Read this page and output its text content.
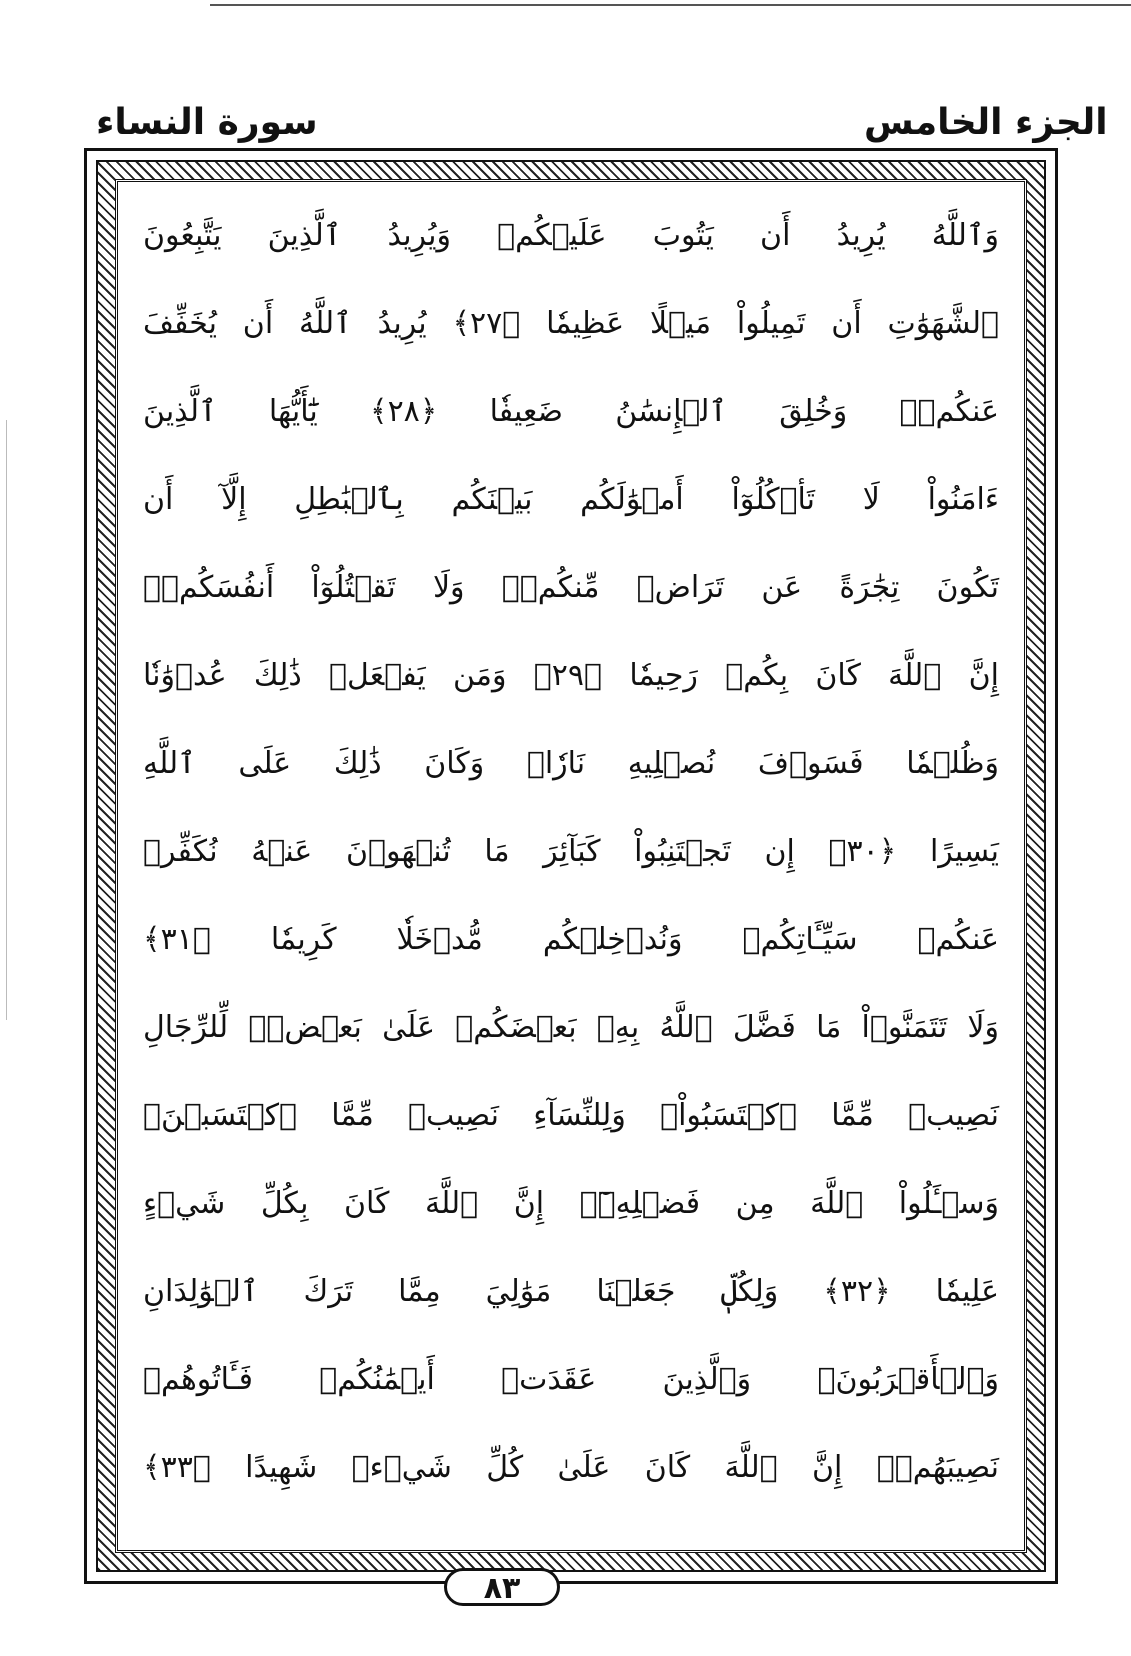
الجزء الخامس
سورة النساء
وَٱللَّهُ يُرِيدُ أَن يَتُوبَ عَلَيۡكُمۡ وَيُرِيدُ ٱلَّذِينَ يَتَّبِعُونَ
ٱلشَّهَوَٰتِ أَن تَمِيلُواْ مَيۡلًا عَظِيمٗا ﴿٢٧﴾ يُرِيدُ ٱللَّهُ أَن يُخَفِّفَ
عَنكُمۡۚ وَخُلِقَ ٱلۡإِنسَٰنُ ضَعِيفٗا ﴿٢٨﴾ يَٰٓأَيُّهَا ٱلَّذِينَ
ءَامَنُواْ لَا تَأۡكُلُوٓاْ أَمۡوَٰلَكُم بَيۡنَكُم بِٱلۡبَٰطِلِ إِلَّآ أَن
تَكُونَ تِجَٰرَةً عَن تَرَاضٖ مِّنكُمۡۚ وَلَا تَقۡتُلُوٓاْ أَنفُسَكُمۡۚ
إِنَّ ٱللَّهَ كَانَ بِكُمۡ رَحِيمٗا ﴿٢٩﴾ وَمَن يَفۡعَلۡ ذَٰلِكَ عُدۡوَٰنٗا
وَظُلۡمٗا فَسَوۡفَ نُصۡلِيهِ نَارٗاۚ وَكَانَ ذَٰلِكَ عَلَى ٱللَّهِ
يَسِيرًا ﴿٣٠﴾ إِن تَجۡتَنِبُواْ كَبَآئِرَ مَا تُنۡهَوۡنَ عَنۡهُ نُكَفِّرۡ
عَنكُمۡ سَيِّـَٔاتِكُمۡ وَنُدۡخِلۡكُم مُّدۡخَلٗا كَرِيمٗا ﴿٣١﴾
وَلَا تَتَمَنَّوۡاْ مَا فَضَّلَ ٱللَّهُ بِهِۦ بَعۡضَكُمۡ عَلَىٰ بَعۡضٖۚ لِّلرِّجَالِ
نَصِيبٞ مِّمَّا ٱكۡتَسَبُواْۖ وَلِلنِّسَآءِ نَصِيبٞ مِّمَّا ٱكۡتَسَبۡنَۚ
وَسۡـَٔلُواْ ٱللَّهَ مِن فَضۡلِهِۦٓۚ إِنَّ ٱللَّهَ كَانَ بِكُلِّ شَيۡءٍ
عَلِيمٗا ﴿٣٢﴾ وَلِكُلّٖ جَعَلۡنَا مَوَٰلِيَ مِمَّا تَرَكَ ٱلۡوَٰلِدَانِ
وَٱلۡأَقۡرَبُونَۚ وَٱلَّذِينَ عَقَدَتۡ أَيۡمَٰنُكُمۡ فَـَٔاتُوهُمۡ
نَصِيبَهُمۡۚ إِنَّ ٱللَّهَ كَانَ عَلَىٰ كُلِّ شَيۡءٖ شَهِيدًا ﴿٣٣﴾
٨٣
